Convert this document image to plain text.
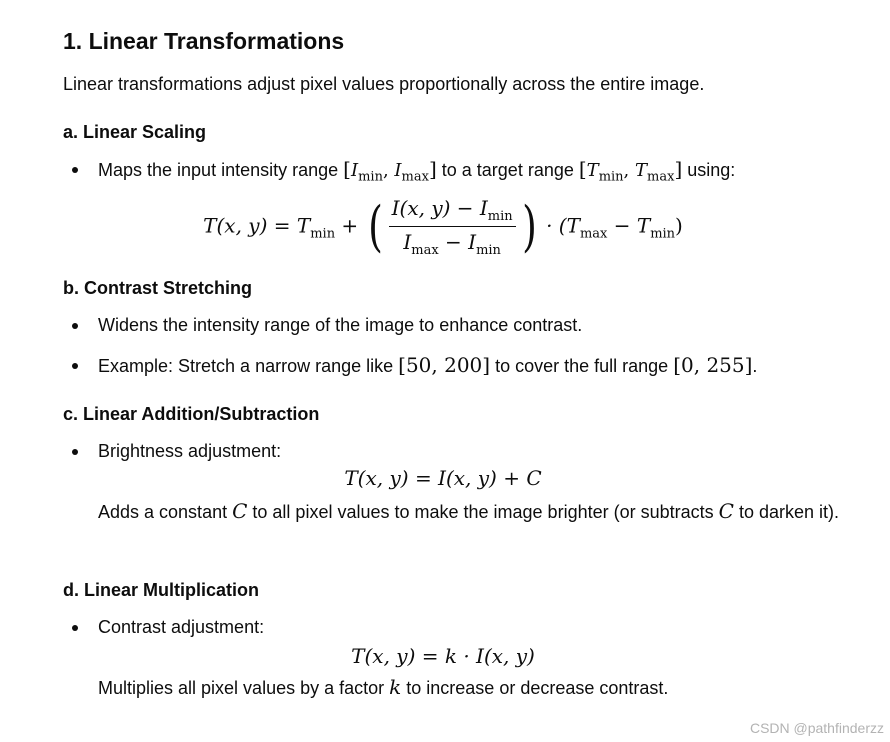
1. Linear Transformations

Linear transformations adjust pixel values proportionally across the entire image.

a. Linear Scaling
Maps the input intensity range [$I_{min}$, $I_{max}$] to a target range [$T_{min}$, $T_{max}$] using:
T(x, $y) = T_{min}$ + ( $\frac{I(x, y) - I_{min}}{I_{max} - I_{min}}$ ) · $(T_{max} - T_{min})$
b. Contrast Stretching
Widens the intensity range of the image to enhance contrast.
Example: Stretch a narrow range like [50, 200] to cover the full range [0, 255].
c. Linear Addition/Subtraction
Brightness adjustment:
T(x, y) = I(x, y) + C
Adds a constant C to all pixel values to make the image brighter (or subtracts C to darken it).
d. Linear Multiplication
Contrast adjustment:
T(x, y) = k · I(x, y)
Multiplies all pixel values by a factor k to increase or decrease contrast.
CSDN @pathfinderzz
